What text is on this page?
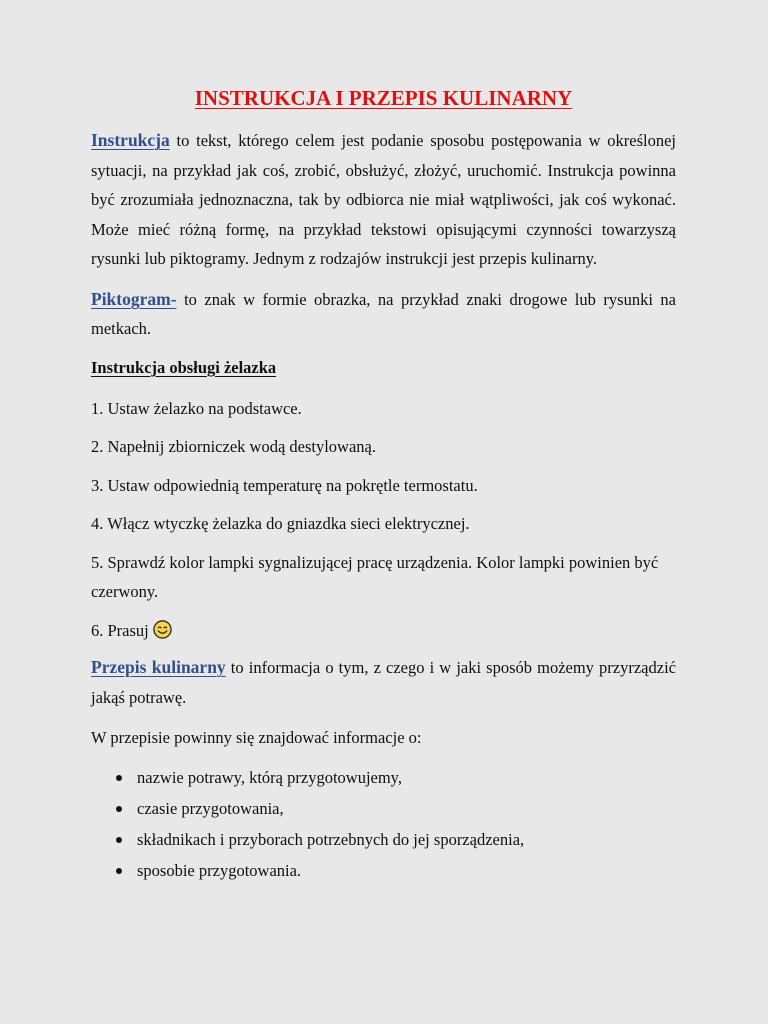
INSTRUKCJA I PRZEPIS KULINARNY

Instrukcja to tekst, którego celem jest podanie sposobu postępowania w określonej sytuacji, na przykład jak coś, zrobić, obsłużyć, złożyć, uruchomić. Instrukcja powinna być zrozumiała jednoznaczna, tak by odbiorca nie miał wątpliwości, jak coś wykonać. Może mieć różną formę, na przykład tekstowi opisującymi czynności towarzyszą rysunki lub piktogramy. Jednym z rodzajów instrukcji jest przepis kulinarny.

Piktogram- to znak w formie obrazka, na przykład znaki drogowe lub rysunki na metkach.

Instrukcja obsługi żelazka

1. Ustaw żelazko na podstawce.

2. Napełnij zbiorniczek wodą destylowaną.

3. Ustaw odpowiednią temperaturę na pokrętle termostatu.

4. Włącz wtyczkę żelazka do gniazdka sieci elektrycznej.

5. Sprawdź kolor lampki sygnalizującej pracę urządzenia. Kolor lampki powinien być czerwony.

6. Prasuj

Przepis kulinarny to informacja o tym, z czego i w jaki sposób możemy przyrządzić jakąś potrawę.

W przepisie powinny się znajdować informacje o:

nazwie potrawy, którą przygotowujemy,
czasie przygotowania,
składnikach i przyborach potrzebnych do jej sporządzenia,
sposobie przygotowania.
